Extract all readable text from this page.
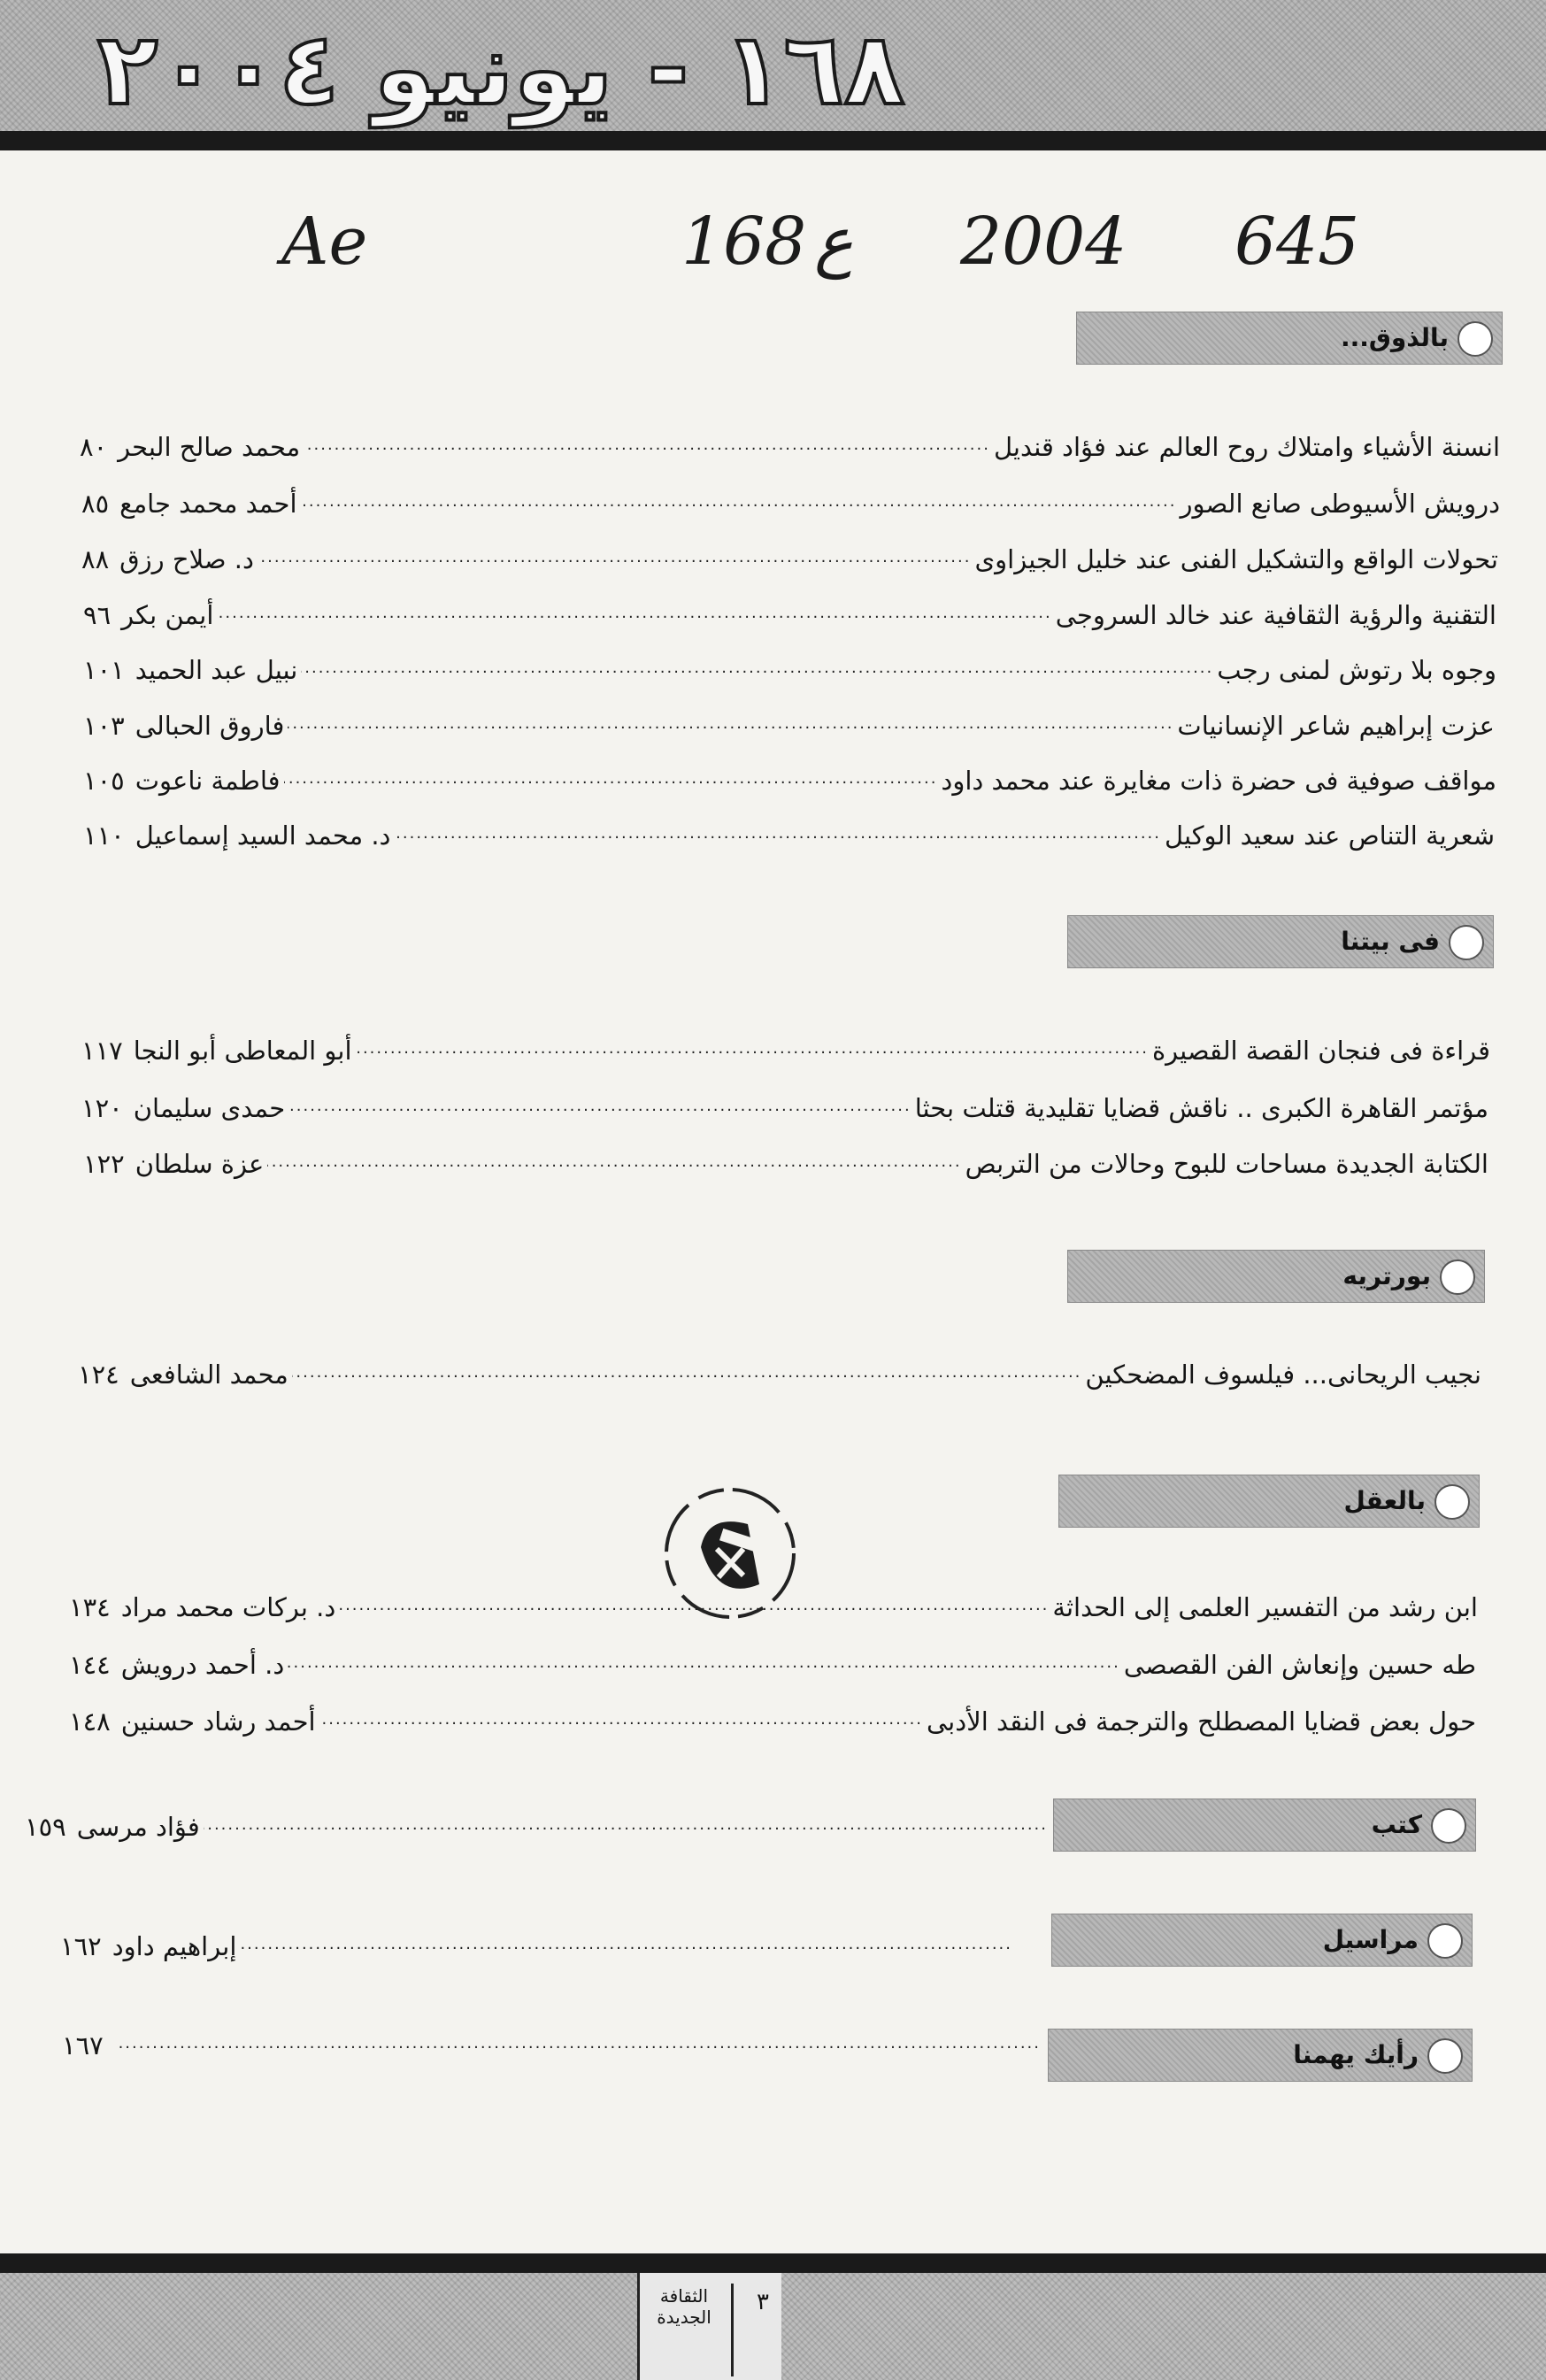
١٦٨ - يونيو ٢٠٠٤
Ae	168 ع 2004 645
بالذوق...
فى بيتنا
بورتريه
بالعقل
كتب
مراسيل
رأيك يهمنا
انسنة الأشياء وامتلاك روح العالم عند فؤاد قنديل
.....
محمد صالح البحر
٨٠
درويش الأسيوطى صانع الصور
.....
أحمد محمد جامع
٨٥
تحولات الواقع والتشكيل الفنى عند خليل الجيزاوى
.....
د. صلاح رزق
٨٨
التقنية والرؤية الثقافية عند خالد السروجى
.....
أيمن بكر
٩٦
وجوه بلا رتوش لمنى رجب
.....
نبيل عبد الحميد
١٠١
عزت إبراهيم شاعر الإنسانيات
.....
فاروق الحبالى
١٠٣
مواقف صوفية فى حضرة ذات مغايرة عند محمد داود
.....
فاطمة ناعوت
١٠٥
شعرية التناص عند سعيد الوكيل
.....
د. محمد السيد إسماعيل
١١٠
قراءة فى فنجان القصة القصيرة
.....
أبو المعاطى أبو النجا
١١٧
مؤتمر القاهرة الكبرى .. ناقش قضايا تقليدية قتلت بحثا
.....
حمدى سليمان
١٢٠
الكتابة الجديدة مساحات للبوح وحالات من التربص
.....
عزة سلطان
١٢٢
نجيب الريحانى... فيلسوف المضحكين
.....
محمد الشافعى
١٢٤
ابن رشد من التفسير العلمى إلى الحداثة
.....
د. بركات محمد مراد
١٣٤
طه حسين وإنعاش الفن القصصى
.....
د. أحمد درويش
١٤٤
حول بعض قضايا المصطلح والترجمة فى النقد الأدبى
.....
أحمد رشاد حسنين
١٤٨
.....
فؤاد مرسى
١٥٩
.....
إبراهيم داود
١٦٢
.....
١٦٧
الثقافة
الجديدة
٣
